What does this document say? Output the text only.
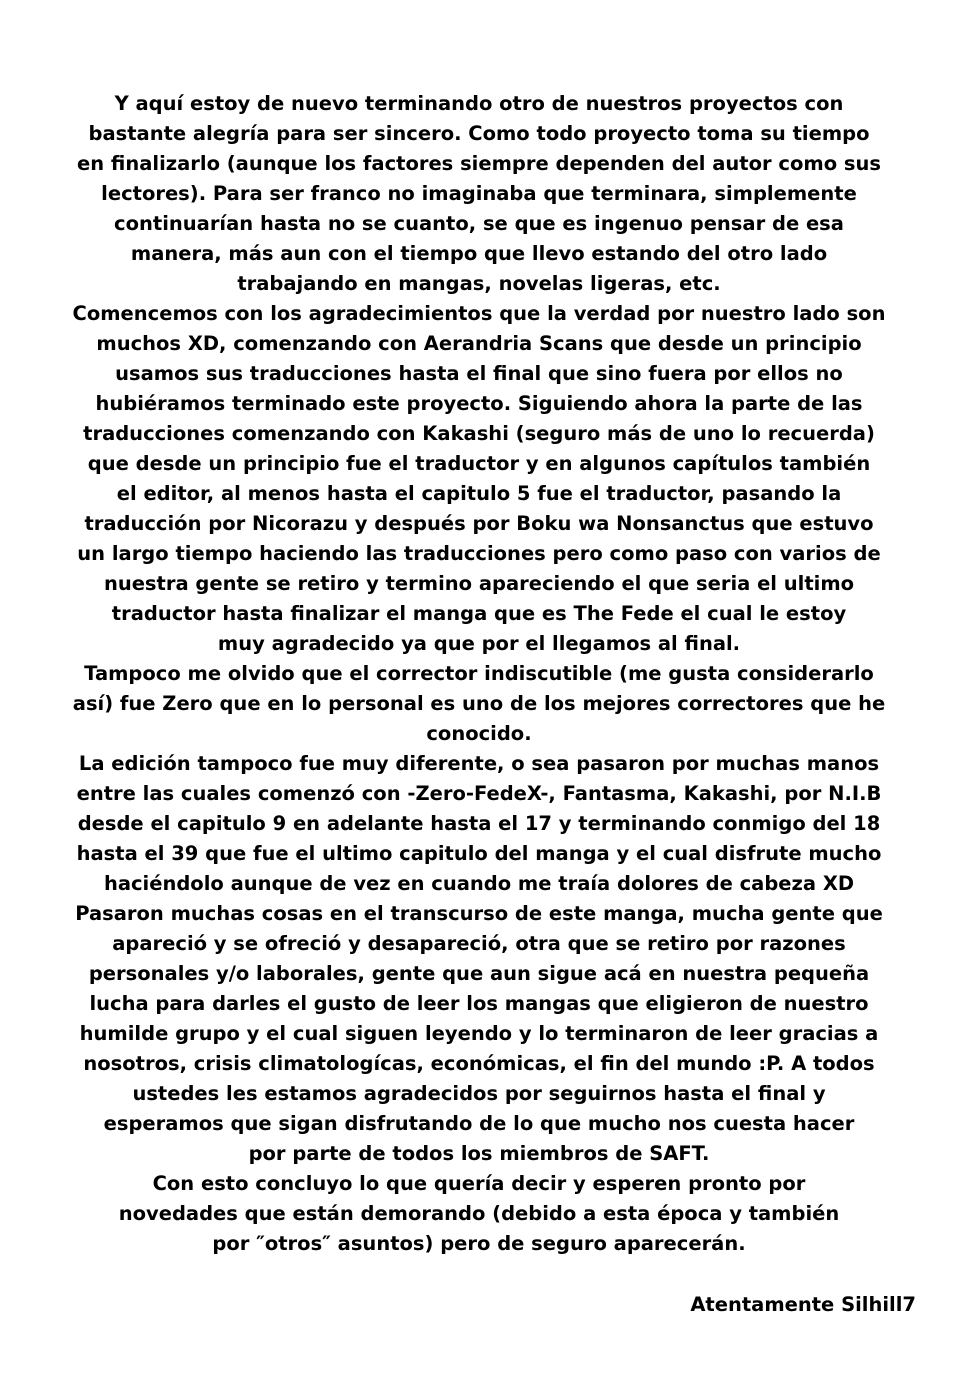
Y aquí estoy de nuevo terminando otro de nuestros proyectos con
bastante alegría para ser sincero. Como todo proyecto toma su tiempo
en finalizarlo (aunque los factores siempre dependen del autor como sus
lectores). Para ser franco no imaginaba que terminara, simplemente
continuarían hasta no se cuanto, se que es ingenuo pensar de esa
manera, más aun con el tiempo que llevo estando del otro lado
trabajando en mangas, novelas ligeras, etc.
Comencemos con los agradecimientos que la verdad por nuestro lado son
muchos XD, comenzando con Aerandria Scans que desde un principio
usamos sus traducciones hasta el final que sino fuera por ellos no
hubiéramos terminado este proyecto. Siguiendo ahora la parte de las
traducciones comenzando con Kakashi (seguro más de uno lo recuerda)
que desde un principio fue el traductor y en algunos capítulos también
el editor, al menos hasta el capitulo 5 fue el traductor, pasando la
traducción por Nicorazu y después por Boku wa Nonsanctus que estuvo
un largo tiempo haciendo las traducciones pero como paso con varios de
nuestra gente se retiro y termino apareciendo el que seria el ultimo
traductor hasta finalizar el manga que es The Fede el cual le estoy
muy agradecido ya que por el llegamos al final.
Tampoco me olvido que el corrector indiscutible (me gusta considerarlo
así) fue Zero que en lo personal es uno de los mejores correctores que he
conocido.
La edición tampoco fue muy diferente, o sea pasaron por muchas manos
entre las cuales comenzó con -Zero-FedeX-, Fantasma, Kakashi, por N.I.B
desde el capitulo 9 en adelante hasta el 17 y terminando conmigo del 18
hasta el 39 que fue el ultimo capitulo del manga y el cual disfrute mucho
haciéndolo aunque de vez en cuando me traía dolores de cabeza XD
Pasaron muchas cosas en el transcurso de este manga, mucha gente que
apareció y se ofreció y desapareció, otra que se retiro por razones
personales y/o laborales, gente que aun sigue acá en nuestra pequeña
lucha para darles el gusto de leer los mangas que eligieron de nuestro
humilde grupo y el cual siguen leyendo y lo terminaron de leer gracias a
nosotros, crisis climatologícas, económicas, el fin del mundo :P. A todos
ustedes les estamos agradecidos por seguirnos hasta el final y
esperamos que sigan disfrutando de lo que mucho nos cuesta hacer
por parte de todos los miembros de SAFT.
Con esto concluyo lo que quería decir y esperen pronto por
novedades que están demorando (debido a esta época y también
por ″otros″ asuntos) pero de seguro aparecerán.
Atentamente Silhill7
